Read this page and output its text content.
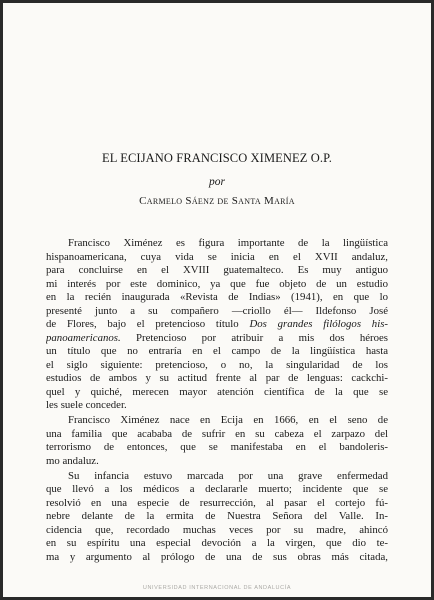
EL ECIJANO FRANCISCO XIMENEZ O.P.
por
Carmelo Sáenz de Santa María
Francisco Ximénez es figura importante de la lingüística
hispanoamericana, cuya vida se inicia en el XVII andaluz,
para concluirse en el XVIII guatemalteco. Es muy antiguo
mi interés por este dominico, ya que fue objeto de un estudio
en la recién inaugurada «Revista de Indias» (1941), en que lo
presenté junto a su compañero —criollo él— Ildefonso José
de Flores, bajo el pretencioso título Dos grandes filólogos his-
panoamericanos. Pretencioso por atribuir a mis dos héroes
un título que no entraría en el campo de la lingüística hasta
el siglo siguiente: pretencioso, o no, la singularidad de los
estudios de ambos y su actitud frente al par de lenguas: cackchi-
quel y quiché, merecen mayor atención científica de la que se
les suele conceder.
Francisco Ximénez nace en Ecija en 1666, en el seno de
una familia que acababa de sufrir en su cabeza el zarpazo del
terrorismo de entonces, que se manifestaba en el bandoleris-
mo andaluz.
Su infancia estuvo marcada por una grave enfermedad
que llevó a los médicos a declararle muerto; incidente que se
resolvió en una especie de resurrección, al pasar el cortejo fú-
nebre delante de la ermita de Nuestra Señora del Valle. In-
cidencia que, recordado muchas veces por su madre, ahincó
en su espíritu una especial devoción a la virgen, que dio te-
ma y argumento al prólogo de una de sus obras más citada,
UNIVERSIDAD INTERNACIONAL DE ANDALUCÍA
